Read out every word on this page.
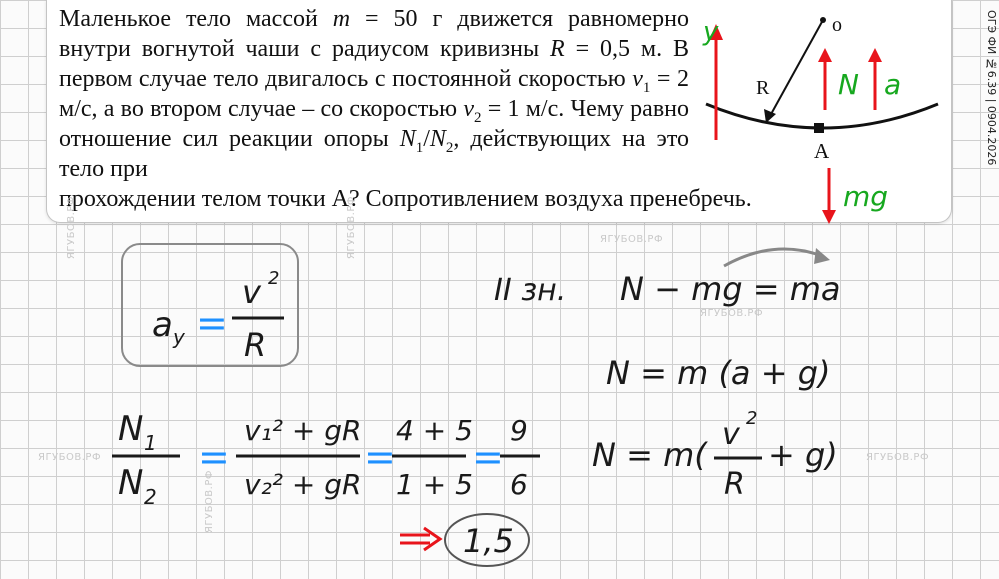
Маленькое тело массой m = 50 г движется равномерно внутри вогнутой чаши с радиусом кривизны R = 0,5 м. В первом случае тело двигалось с постоянной скоростью $v_1 = 2$ м/с, а во втором случае – со скоростью $v_2 = 1$ м/с. Чему равно отношение сил реакции опоры $N_1/N_2$, действующих на это тело при
прохождении телом точки А? Сопротивлением воздуха пренебречь.

o
R
A
y
N a
mg
ОГЭ ФИ №6.39 | 0904.2026
ЯГУБОВ.РФ
ЯГУБОВ.РФ
ЯГУБОВ.РФ
ЯГУБОВ.РФ
ЯГУБОВ.РФ
ЯГУБОВ.РФ	ЯГУБОВ.РФ
a y =
v 2
R
II зн. N − mg = ma
N = m (a + g)
N = m(
v 2
R
+ g)
N 1
N 2
=
v₁² + gR
v₂² + gR
=
4 + 5
1 + 5
=
9
6
1,5
